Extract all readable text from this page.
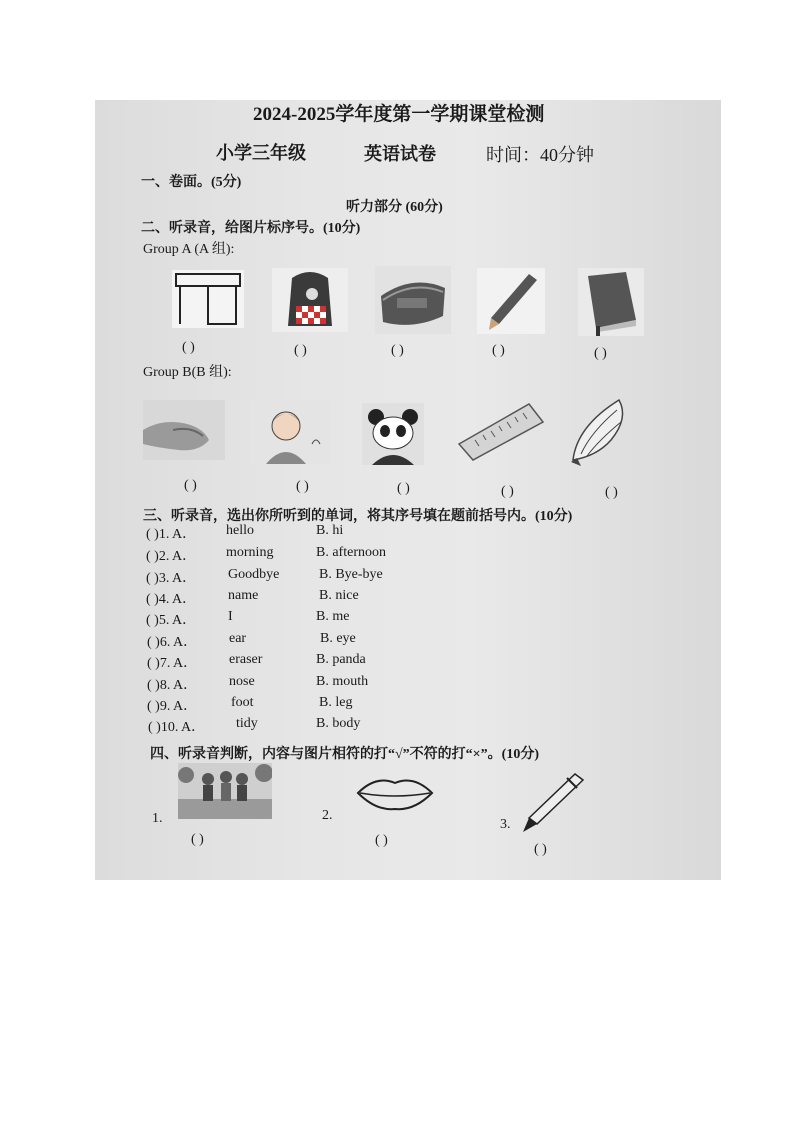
2024-2025学年度第一学期课堂检测
小学三年级	英语试卷	时间：40分钟
一、卷面。(5分)
听力部分 (60分)
二、听录音，给图片标序号。(10分)
Group A (A 组):
( )	( )	( )	( )	( )
Group B(B 组):
( )	( )	( )	( )	( )
三、听录音，选出你所听到的单词，将其序号填在题前括号内。(10分)
( )1. A． hello	B. hi
( )2. A． morning	B. afternoon
( )3. A． Goodbye	B. Bye-bye
( )4. A． name	B. nice
( )5. A． I	B. me
( )6. A． ear	B. eye
( )7. A． eraser	B. panda
( )8. A． nose	B. mouth
( )9. A． foot	B. leg
( )10. A． tidy	B. body
四、听录音判断，内容与图片相符的打“√”不符的打“×”。(10分)
1.
( )
2.
( )
3.
( )
